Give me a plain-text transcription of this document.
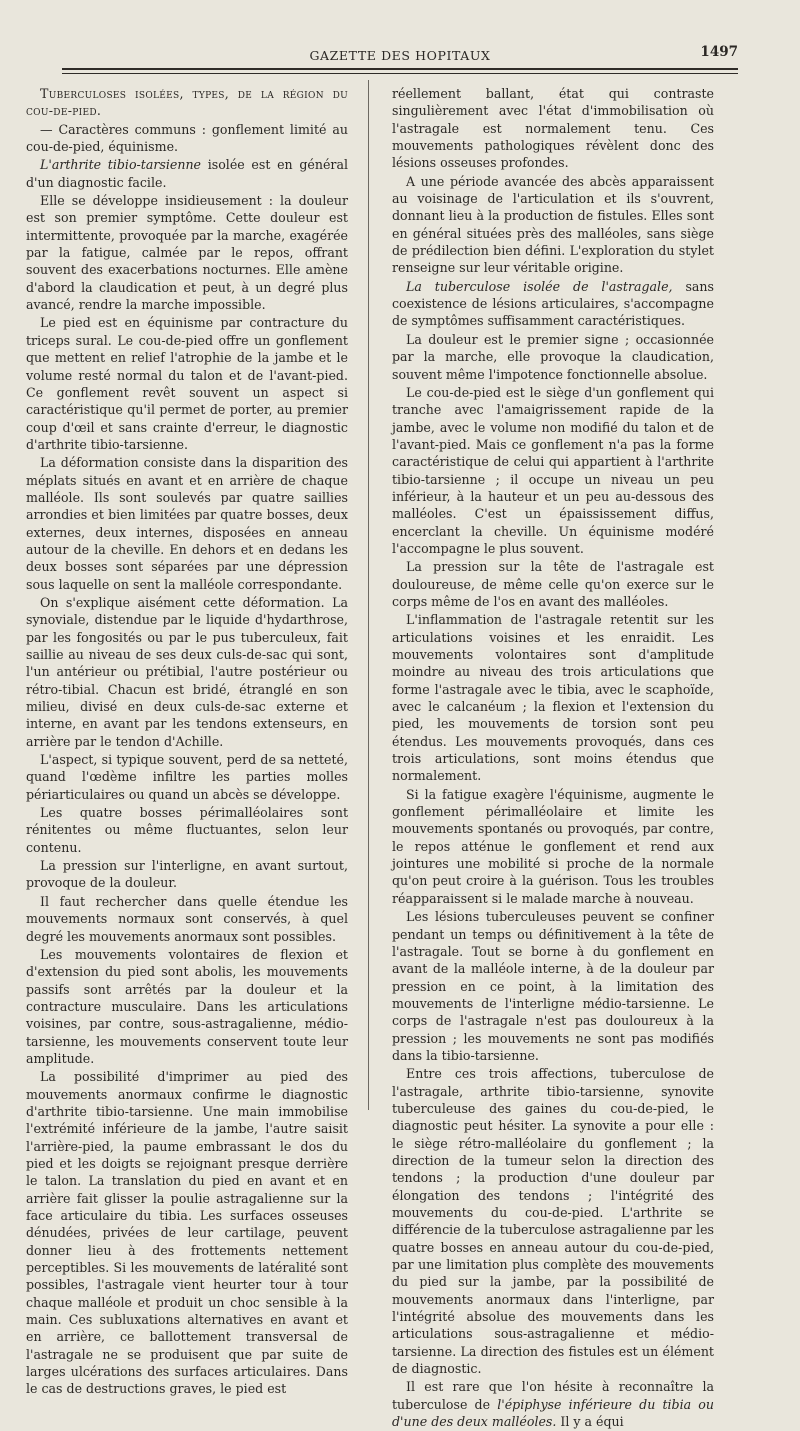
GAZETTE DES HOPITAUX	1497

Tuberculoses isolées, types, de la région du cou-de-pied.

— Caractères communs : gonflement limité au cou-de-pied, équinisme.

L'arthrite tibio-tarsienne isolée est en général d'un diagnostic facile.

Elle se développe insidieusement : la douleur est son premier symptôme. Cette douleur est intermittente, provoquée par la marche, exagérée par la fatigue, calmée par le repos, offrant souvent des exacerbations nocturnes. Elle amène d'abord la claudication et peut, à un degré plus avancé, rendre la marche impossible.

Le pied est en équinisme par contracture du triceps sural. Le cou-de-pied offre un gonflement que mettent en relief l'atrophie de la jambe et le volume resté normal du talon et de l'avant-pied. Ce gonflement revêt souvent un aspect si caractéristique qu'il permet de porter, au premier coup d'œil et sans crainte d'erreur, le diagnostic d'arthrite tibio-tarsienne.

La déformation consiste dans la disparition des méplats situés en avant et en arrière de chaque malléole. Ils sont soulevés par quatre saillies arrondies et bien limitées par quatre bosses, deux externes, deux internes, disposées en anneau autour de la cheville. En dehors et en dedans les deux bosses sont séparées par une dépression sous laquelle on sent la malléole correspondante.

On s'explique aisément cette déformation. La synoviale, distendue par le liquide d'hydarthrose, par les fongosités ou par le pus tuberculeux, fait saillie au niveau de ses deux culs-de-sac qui sont, l'un antérieur ou prétibial, l'autre postérieur ou rétro-tibial. Chacun est bridé, étranglé en son milieu, divisé en deux culs-de-sac externe et interne, en avant par les tendons extenseurs, en arrière par le tendon d'Achille.

L'aspect, si typique souvent, perd de sa netteté, quand l'œdème infiltre les parties molles périarticulaires ou quand un abcès se développe.

Les quatre bosses périmalléolaires sont rénitentes ou même fluctuantes, selon leur contenu.

La pression sur l'interligne, en avant surtout, provoque de la douleur.

Il faut rechercher dans quelle étendue les mouvements normaux sont conservés, à quel degré les mouvements anormaux sont possibles.

Les mouvements volontaires de flexion et d'extension du pied sont abolis, les mouvements passifs sont arrêtés par la douleur et la contracture musculaire. Dans les articulations voisines, par contre, sous-astragalienne, médio-tarsienne, les mouvements conservent toute leur amplitude.

La possibilité d'imprimer au pied des mouvements anormaux confirme le diagnostic d'arthrite tibio-tarsienne. Une main immobilise l'extrémité inférieure de la jambe, l'autre saisit l'arrière-pied, la paume embrassant le dos du pied et les doigts se rejoignant presque derrière le talon. La translation du pied en avant et en arrière fait glisser la poulie astragalienne sur la face articulaire du tibia. Les surfaces osseuses dénudées, privées de leur cartilage, peuvent donner lieu à des frottements nettement perceptibles. Si les mouvements de latéralité sont possibles, l'astragale vient heurter tour à tour chaque malléole et produit un choc sensible à la main. Ces subluxations alternatives en avant et en arrière, ce ballottement transversal de l'astragale ne se produisent que par suite de larges ulcérations des surfaces articulaires. Dans le cas de destructions graves, le pied est

réellement ballant, état qui contraste singulièrement avec l'état d'immobilisation où l'astragale est normalement tenu. Ces mouvements pathologiques révèlent donc des lésions osseuses profondes.

A une période avancée des abcès apparaissent au voisinage de l'articulation et ils s'ouvrent, donnant lieu à la production de fistules. Elles sont en général situées près des malléoles, sans siège de prédilection bien défini. L'exploration du stylet renseigne sur leur véritable origine.

La tuberculose isolée de l'astragale, sans coexistence de lésions articulaires, s'accompagne de symptômes suffisamment caractéristiques.

La douleur est le premier signe ; occasionnée par la marche, elle provoque la claudication, souvent même l'impotence fonctionnelle absolue.

Le cou-de-pied est le siège d'un gonflement qui tranche avec l'amaigrissement rapide de la jambe, avec le volume non modifié du talon et de l'avant-pied. Mais ce gonflement n'a pas la forme caractéristique de celui qui appartient à l'arthrite tibio-tarsienne ; il occupe un niveau un peu inférieur, à la hauteur et un peu au-dessous des malléoles. C'est un épaississement diffus, encerclant la cheville. Un équinisme modéré l'accompagne le plus souvent.

La pression sur la tête de l'astragale est douloureuse, de même celle qu'on exerce sur le corps même de l'os en avant des malléoles.

L'inflammation de l'astragale retentit sur les articulations voisines et les enraidit. Les mouvements volontaires sont d'amplitude moindre au niveau des trois articulations que forme l'astragale avec le tibia, avec le scaphoïde, avec le calcanéum ; la flexion et l'extension du pied, les mouvements de torsion sont peu étendus. Les mouvements provoqués, dans ces trois articulations, sont moins étendus que normalement.

Si la fatigue exagère l'équinisme, augmente le gonflement périmalléolaire et limite les mouvements spontanés ou provoqués, par contre, le repos atténue le gonflement et rend aux jointures une mobilité si proche de la normale qu'on peut croire à la guérison. Tous les troubles réapparaissent si le malade marche à nouveau.

Les lésions tuberculeuses peuvent se confiner pendant un temps ou définitivement à la tête de l'astragale. Tout se borne à du gonflement en avant de la malléole interne, à de la douleur par pression en ce point, à la limitation des mouvements de l'interligne médio-tarsienne. Le corps de l'astragale n'est pas douloureux à la pression ; les mouvements ne sont pas modifiés dans la tibio-tarsienne.

Entre ces trois affections, tuberculose de l'astragale, arthrite tibio-tarsienne, synovite tuberculeuse des gaines du cou-de-pied, le diagnostic peut hésiter. La synovite a pour elle : le siège rétro-malléolaire du gonflement ; la direction de la tumeur selon la direction des tendons ; la production d'une douleur par élongation des tendons ; l'intégrité des mouvements du cou-de-pied. L'arthrite se différencie de la tuberculose astragalienne par les quatre bosses en anneau autour du cou-de-pied, par une limitation plus complète des mouvements du pied sur la jambe, par la possibilité de mouvements anormaux dans l'interligne, par l'intégrité absolue des mouvements dans les articulations sous-astragalienne et médio-tarsienne. La direction des fistules est un élément de diagnostic.

Il est rare que l'on hésite à reconnaître la tuberculose de l'épiphyse inférieure du tibia ou d'une des deux malléoles. Il y a équi
